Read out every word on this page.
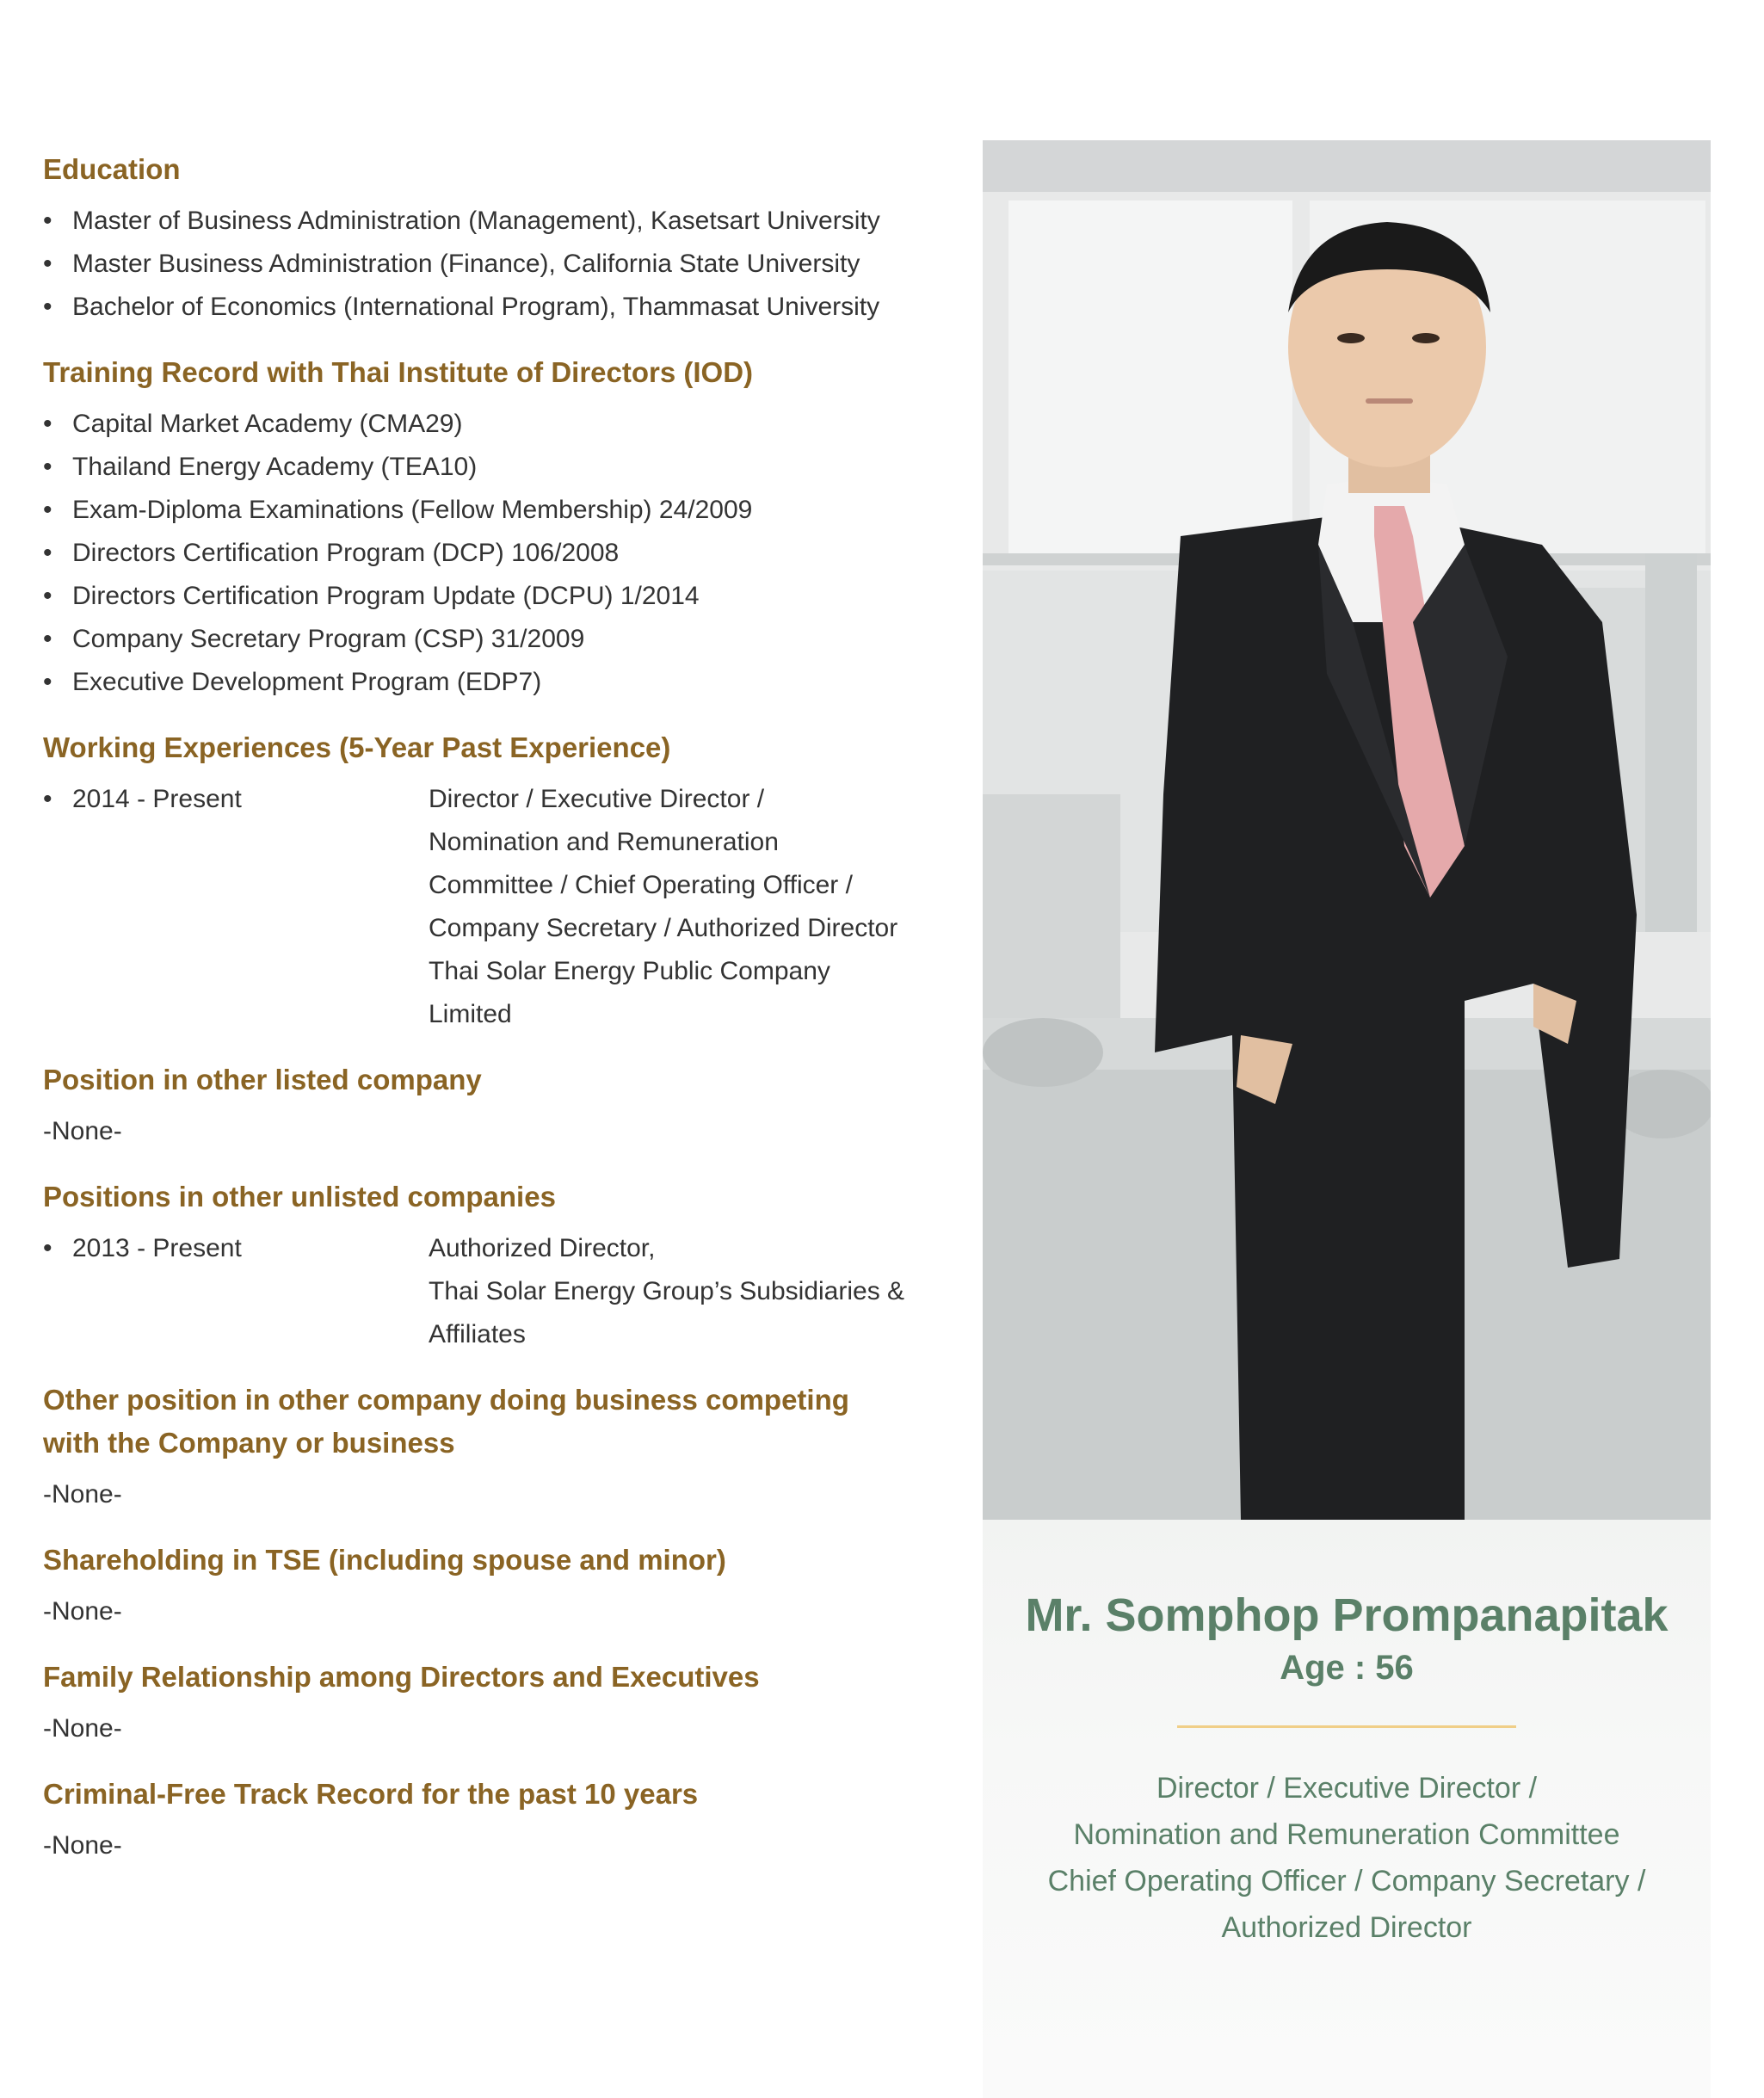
Education
• Master of Business Administration (Management), Kasetsart University
• Master Business Administration (Finance), California State University
• Bachelor of Economics (International Program), Thammasat University
Training Record with Thai Institute of Directors (IOD)
• Capital Market Academy (CMA29)
• Thailand Energy Academy (TEA10)
• Exam-Diploma Examinations (Fellow Membership) 24/2009
• Directors Certification Program (DCP) 106/2008
• Directors Certification Program Update (DCPU) 1/2014
• Company Secretary Program (CSP) 31/2009
• Executive Development Program (EDP7)
Working Experiences (5-Year Past Experience)
• 2014 - Present	Director / Executive Director /
Nomination and Remuneration
Committee / Chief Operating Officer /
Company Secretary / Authorized Director
Thai Solar Energy Public Company
Limited
Position in other listed company
-None-
Positions in other unlisted companies
• 2013 - Present	Authorized Director,
Thai Solar Energy Group’s Subsidiaries &
Affiliates
Other position in other company doing business competing
with the Company or business
-None-
Shareholding in TSE (including spouse and minor)
-None-
Family Relationship among Directors and Executives
-None-
Criminal-Free Track Record for the past 10 years
-None-
Mr. Somphop Prompanapitak
Age : 56
Director / Executive Director /
Nomination and Remuneration Committee
Chief Operating Officer / Company Secretary /
Authorized Director
